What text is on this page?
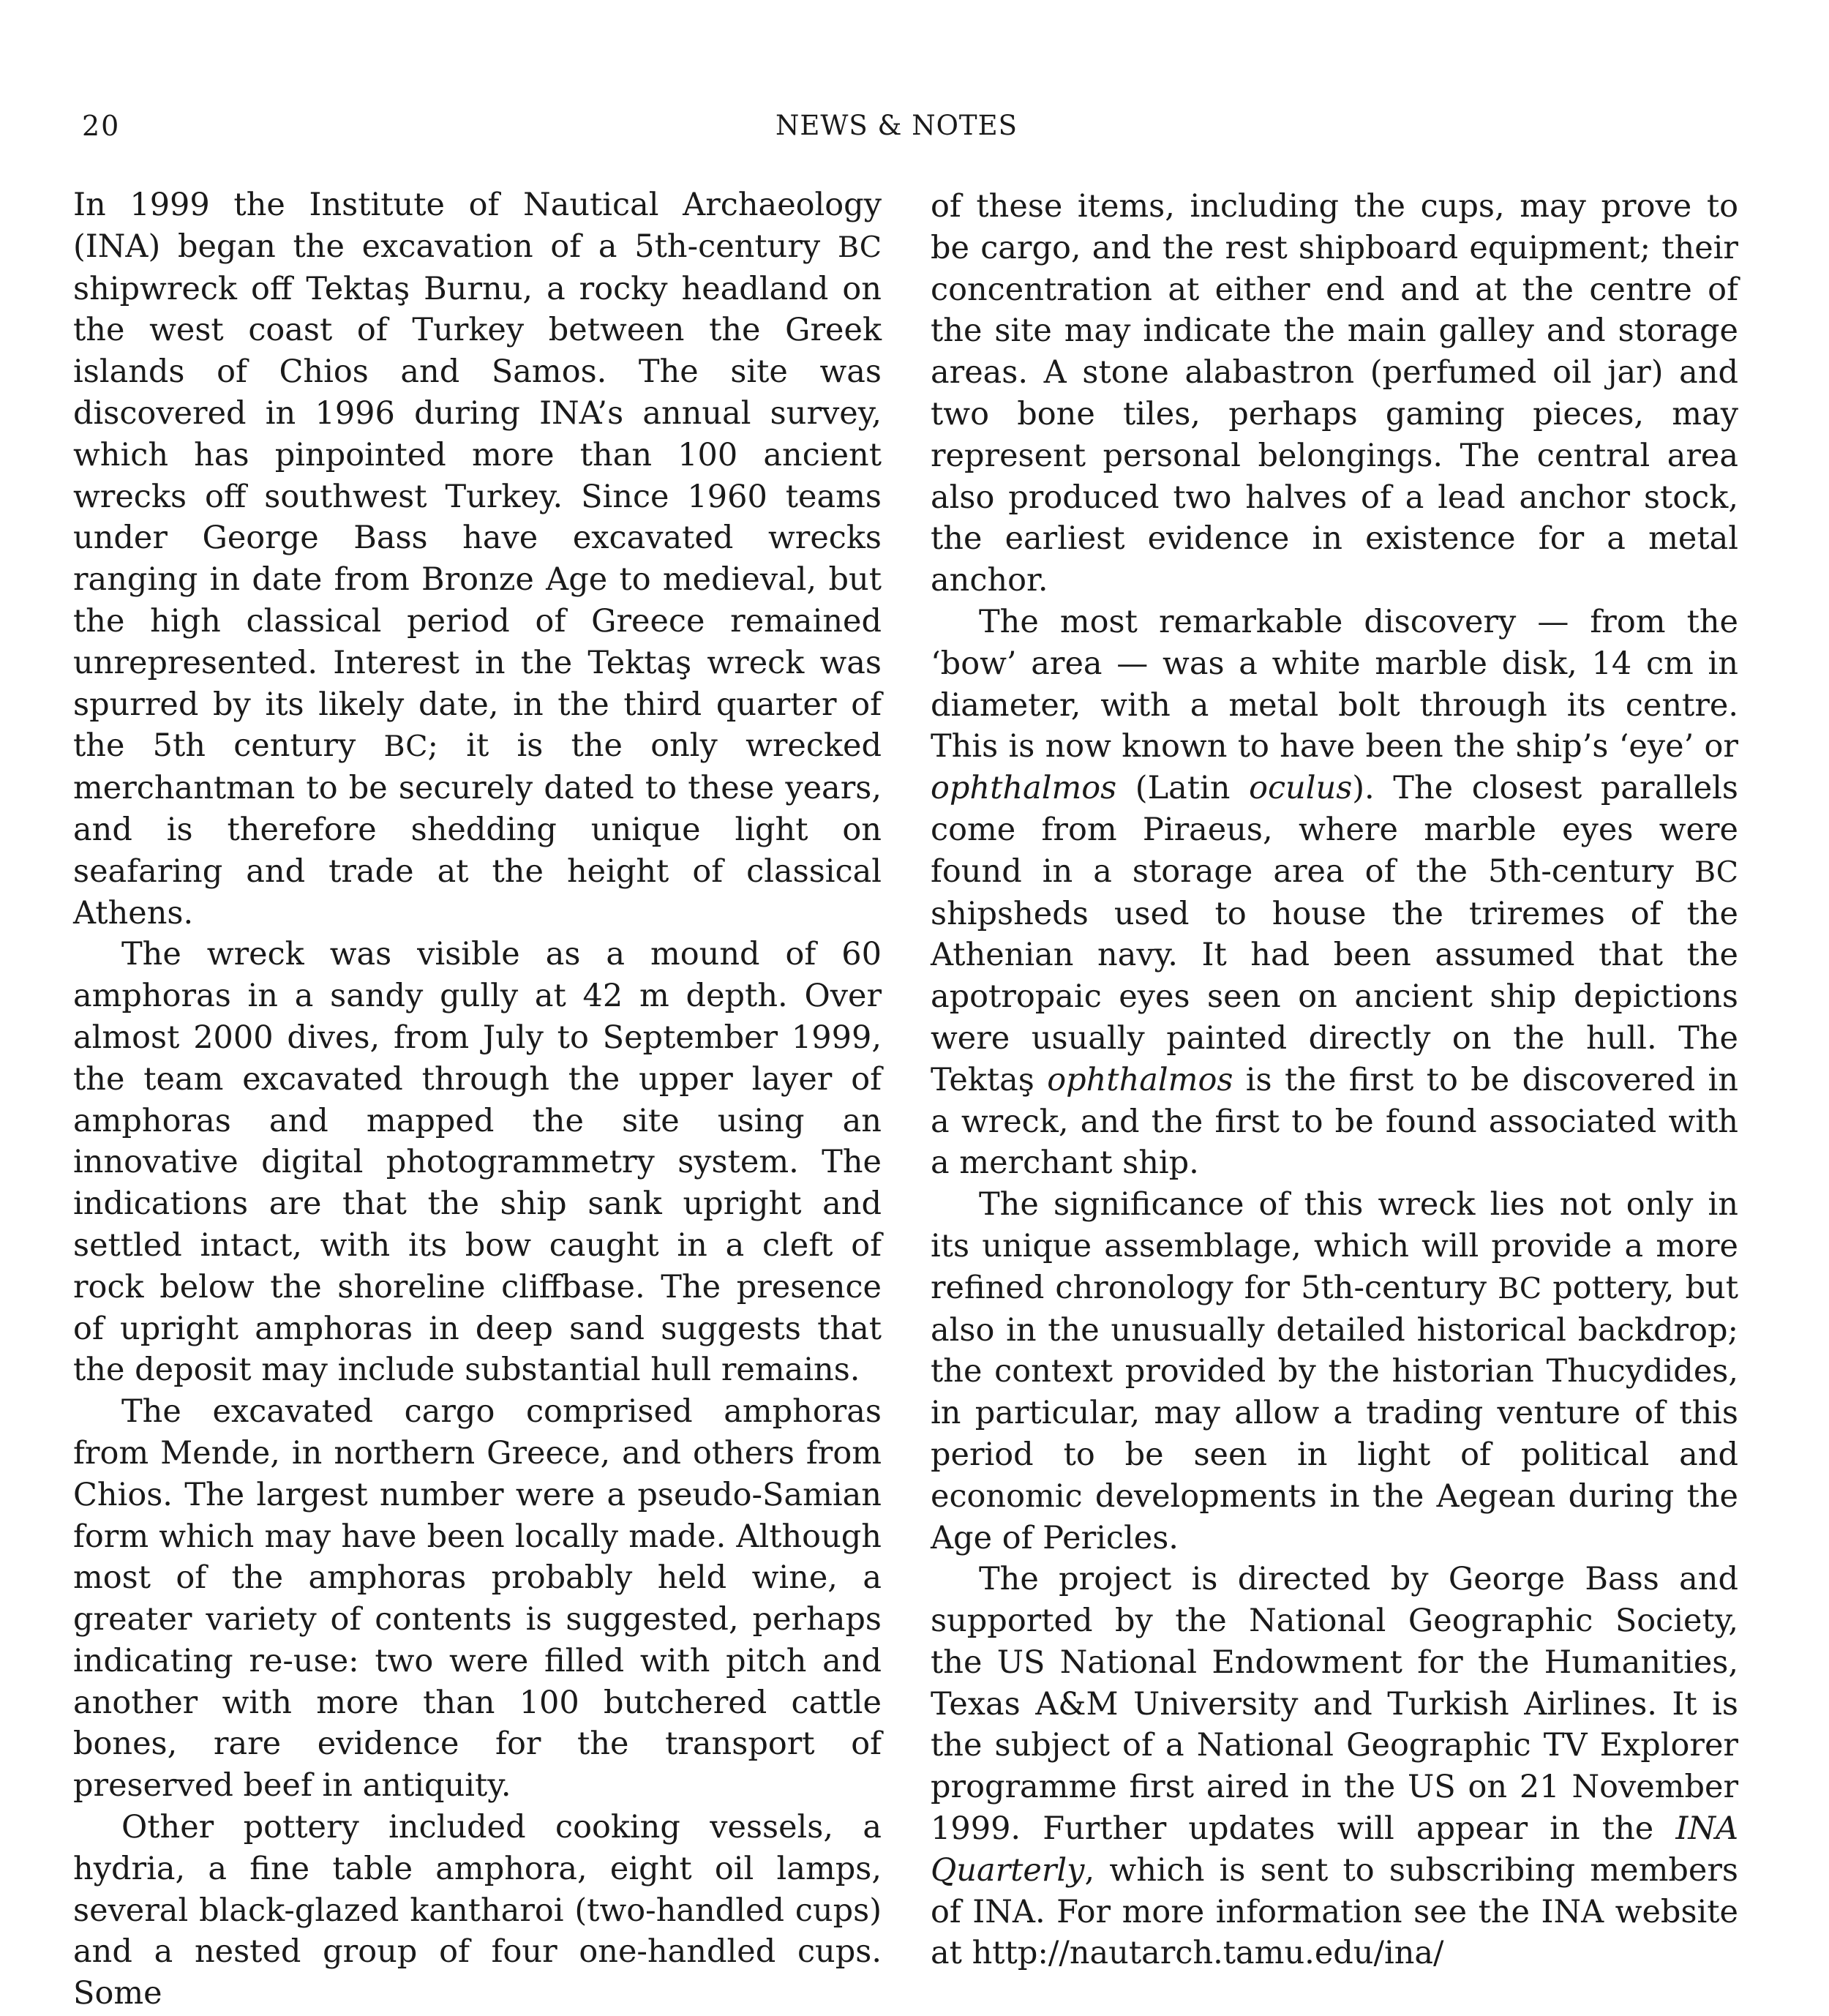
20	NEWS & NOTES

In 1999 the Institute of Nautical Archaeology (INA) began the excavation of a 5th-century BC shipwreck off Tektaş Burnu, a rocky headland on the west coast of Turkey between the Greek islands of Chios and Samos. The site was discovered in 1996 during INA’s annual survey, which has pinpointed more than 100 ancient wrecks off southwest Turkey. Since 1960 teams under George Bass have excavated wrecks ranging in date from Bronze Age to medieval, but the high classical period of Greece remained unrepresented. Interest in the Tektaş wreck was spurred by its likely date, in the third quarter of the 5th century BC; it is the only wrecked merchantman to be securely dated to these years, and is therefore shedding unique light on seafaring and trade at the height of classical Athens.

The wreck was visible as a mound of 60 amphoras in a sandy gully at 42 m depth. Over almost 2000 dives, from July to September 1999, the team excavated through the upper layer of amphoras and mapped the site using an innovative digital photogrammetry system. The indications are that the ship sank upright and settled intact, with its bow caught in a cleft of rock below the shoreline cliffbase. The presence of upright amphoras in deep sand suggests that the deposit may include substantial hull remains.

The excavated cargo comprised amphoras from Mende, in northern Greece, and others from Chios. The largest number were a pseudo-Samian form which may have been locally made. Although most of the amphoras probably held wine, a greater variety of contents is suggested, perhaps indicating re-use: two were filled with pitch and another with more than 100 butchered cattle bones, rare evidence for the transport of preserved beef in antiquity.

Other pottery included cooking vessels, a hydria, a fine table amphora, eight oil lamps, several black-glazed kantharoi (two-handled cups) and a nested group of four one-handled cups. Some

of these items, including the cups, may prove to be cargo, and the rest shipboard equipment; their concentration at either end and at the centre of the site may indicate the main galley and storage areas. A stone alabastron (perfumed oil jar) and two bone tiles, perhaps gaming pieces, may represent personal belongings. The central area also produced two halves of a lead anchor stock, the earliest evidence in existence for a metal anchor.

The most remarkable discovery — from the ‘bow’ area — was a white marble disk, 14 cm in diameter, with a metal bolt through its centre. This is now known to have been the ship’s ‘eye’ or ophthalmos (Latin oculus). The closest parallels come from Piraeus, where marble eyes were found in a storage area of the 5th-century BC shipsheds used to house the triremes of the Athenian navy. It had been assumed that the apotropaic eyes seen on ancient ship depictions were usually painted directly on the hull. The Tektaş ophthalmos is the first to be discovered in a wreck, and the first to be found associated with a merchant ship.

The significance of this wreck lies not only in its unique assemblage, which will provide a more refined chronology for 5th-century BC pottery, but also in the unusually detailed historical backdrop; the context provided by the historian Thucydides, in particular, may allow a trading venture of this period to be seen in light of political and economic developments in the Aegean during the Age of Pericles.

The project is directed by George Bass and supported by the National Geographic Society, the US National Endowment for the Humanities, Texas A&M University and Turkish Airlines. It is the subject of a National Geographic TV Explorer programme first aired in the US on 21 November 1999. Further updates will appear in the INA Quarterly, which is sent to subscribing members of INA. For more information see the INA website at http://nautarch.tamu.edu/ina/
